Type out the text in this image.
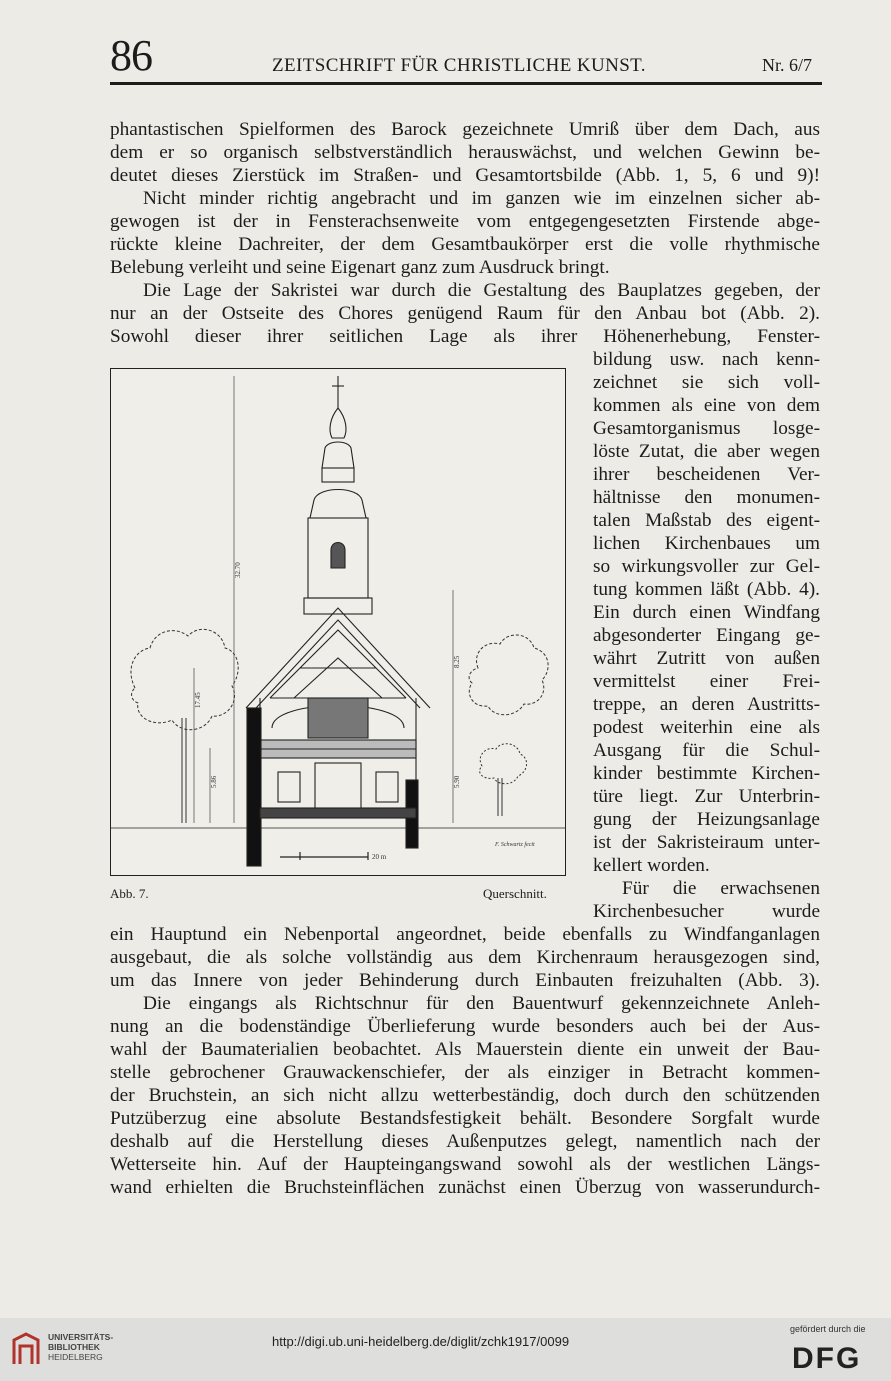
86	ZEITSCHRIFT FÜR CHRISTLICHE KUNST.	Nr. 6/7
phantastischen Spielformen des Barock gezeichnete Umriß über dem Dach, aus
dem er so organisch selbstverständlich herauswächst, und welchen Gewinn be-
deutet dieses Zierstück im Straßen- und Gesamtortsbilde (Abb. 1, 5, 6 und 9)!
Nicht minder richtig angebracht und im ganzen wie im einzelnen sicher ab-
gewogen ist der in Fensterachsenweite vom entgegengesetzten Firstende abge-
rückte kleine Dachreiter, der dem Gesamtbaukörper erst die volle rhythmische
Belebung verleiht und seine Eigenart ganz zum Ausdruck bringt.
Die Lage der Sakristei war durch die Gestaltung des Bauplatzes gegeben, der
nur an der Ostseite des Chores genügend Raum für den Anbau bot (Abb. 2).
Sowohl dieser ihrer seitlichen Lage als ihrer Höhenerhebung, Fenster-
bildung usw. nach kenn-
zeichnet sie sich voll-
kommen als eine von dem
Gesamtorganismus losge-
löste Zutat, die aber wegen
ihrer bescheidenen Ver-
hältnisse den monumen-
talen Maßstab des eigent-
lichen Kirchenbaues um
so wirkungsvoller zur Gel-
tung kommen läßt (Abb. 4).
Ein durch einen Windfang
abgesonderter Eingang ge-
währt Zutritt von außen
vermittelst einer Frei-
treppe, an deren Austritts-
podest weiterhin eine als
Ausgang für die Schul-
kinder bestimmte Kirchen-
türe liegt. Zur Unterbrin-
gung der Heizungsanlage
ist der Sakristeiraum unter-
kellert worden.
Für die erwachsenen
Kirchenbesucher wurde
ein Hauptund ein Nebenportal angeordnet, beide ebenfalls zu Windfanganlagen
ausgebaut, die als solche vollständig aus dem Kirchenraum herausgezogen sind,
um das Innere von jeder Behinderung durch Einbauten freizuhalten (Abb. 3).
Die eingangs als Richtschnur für den Bauentwurf gekennzeichnete Anleh-
nung an die bodenständige Überlieferung wurde besonders auch bei der Aus-
wahl der Baumaterialien beobachtet. Als Mauerstein diente ein unweit der Bau-
stelle gebrochener Grauwackenschiefer, der als einziger in Betracht kommen-
der Bruchstein, an sich nicht allzu wetterbeständig, doch durch den schützenden
Putzüberzug eine absolute Bestandsfestigkeit behält. Besondere Sorgfalt wurde
deshalb auf die Herstellung dieses Außenputzes gelegt, namentlich nach der
Wetterseite hin. Auf der Haupteingangswand sowohl als der westlichen Längs-
wand erhielten die Bruchsteinflächen zunächst einen Überzug von wasserundurch-
32.70
8.25
17.45
5.86	5.90
20 m
F. Schwartz fecit
Abb. 7.	Querschnitt.
UNIVERSITÄTS-
BIBLIOTHEK
HEIDELBERG
http://digi.ub.uni-heidelberg.de/diglit/zchk1917/0099
gefördert durch die
DFG
